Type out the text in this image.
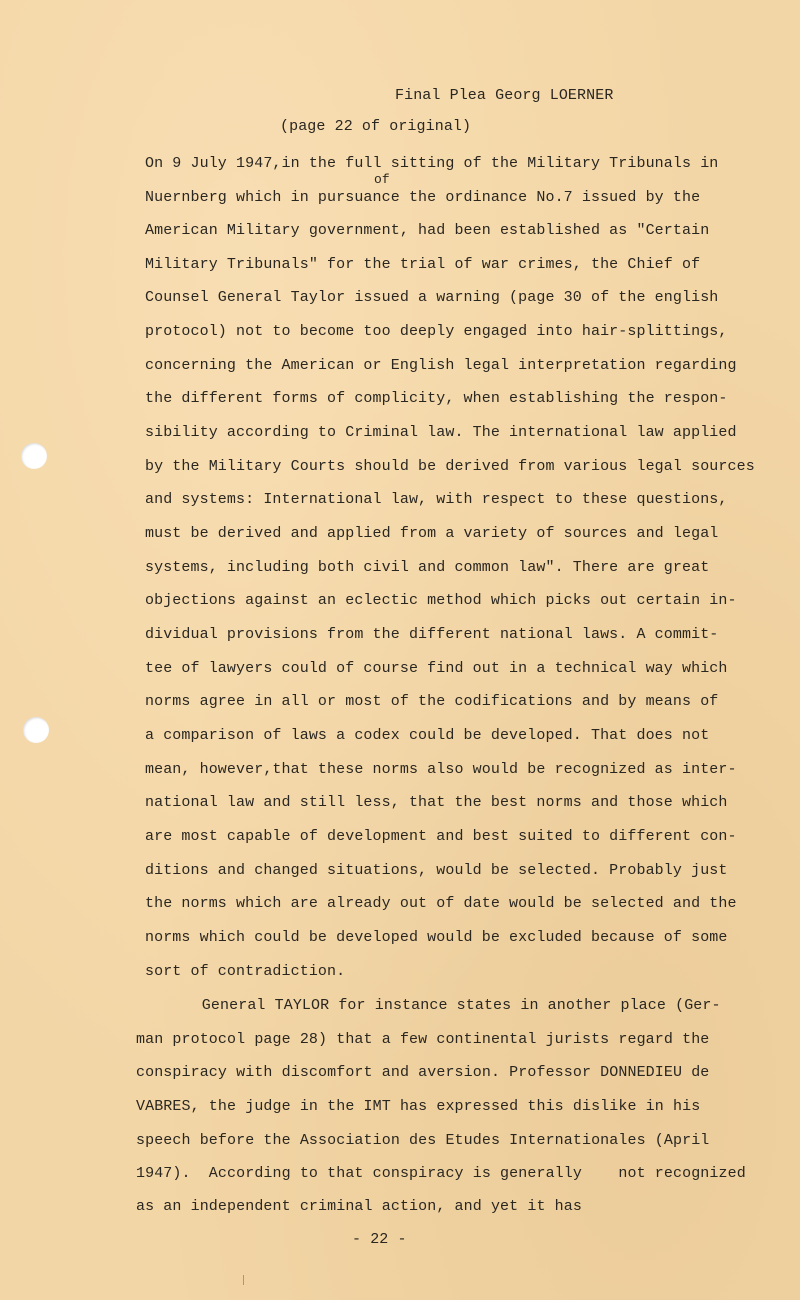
Final Plea Georg LOERNER
(page 22 of original)
of
On 9 July 1947,in the full sitting of the Military Tribunals in
Nuernberg which in pursuance the ordinance No.7 issued by the
American Military government, had been established as "Certain
Military Tribunals" for the trial of war crimes, the Chief of
Counsel General Taylor issued a warning (page 30 of the english
protocol) not to become too deeply engaged into hair-splittings,
concerning the American or English legal interpretation regarding
the different forms of complicity, when establishing the respon-
sibility according to Criminal law. The international law applied
by the Military Courts should be derived from various legal sources
and systems: International law, with respect to these questions,
must be derived and applied from a variety of sources and legal
systems, including both civil and common law". There are great
objections against an eclectic method which picks out certain in-
dividual provisions from the different national laws. A commit-
tee of lawyers could of course find out in a technical way which
norms agree in all or most of the codifications and by means of
a comparison of laws a codex could be developed. That does not
mean, however,that these norms also would be recognized as inter-
national law and still less, that the best norms and those which
are most capable of development and best suited to different con-
ditions and changed situations, would be selected. Probably just
the norms which are already out of date would be selected and the
norms which could be developed would be excluded because of some
sort of contradiction.
General TAYLOR for instance states in another place (Ger-
man protocol page 28) that a few continental jurists regard the
conspiracy with discomfort and aversion. Professor DONNEDIEU de
VABRES, the judge in the IMT has expressed this dislike in his
speech before the Association des Etudes Internationales (April
1947).  According to that conspiracy is generally    not recognized
as an independent criminal action, and yet it has
- 22 -
